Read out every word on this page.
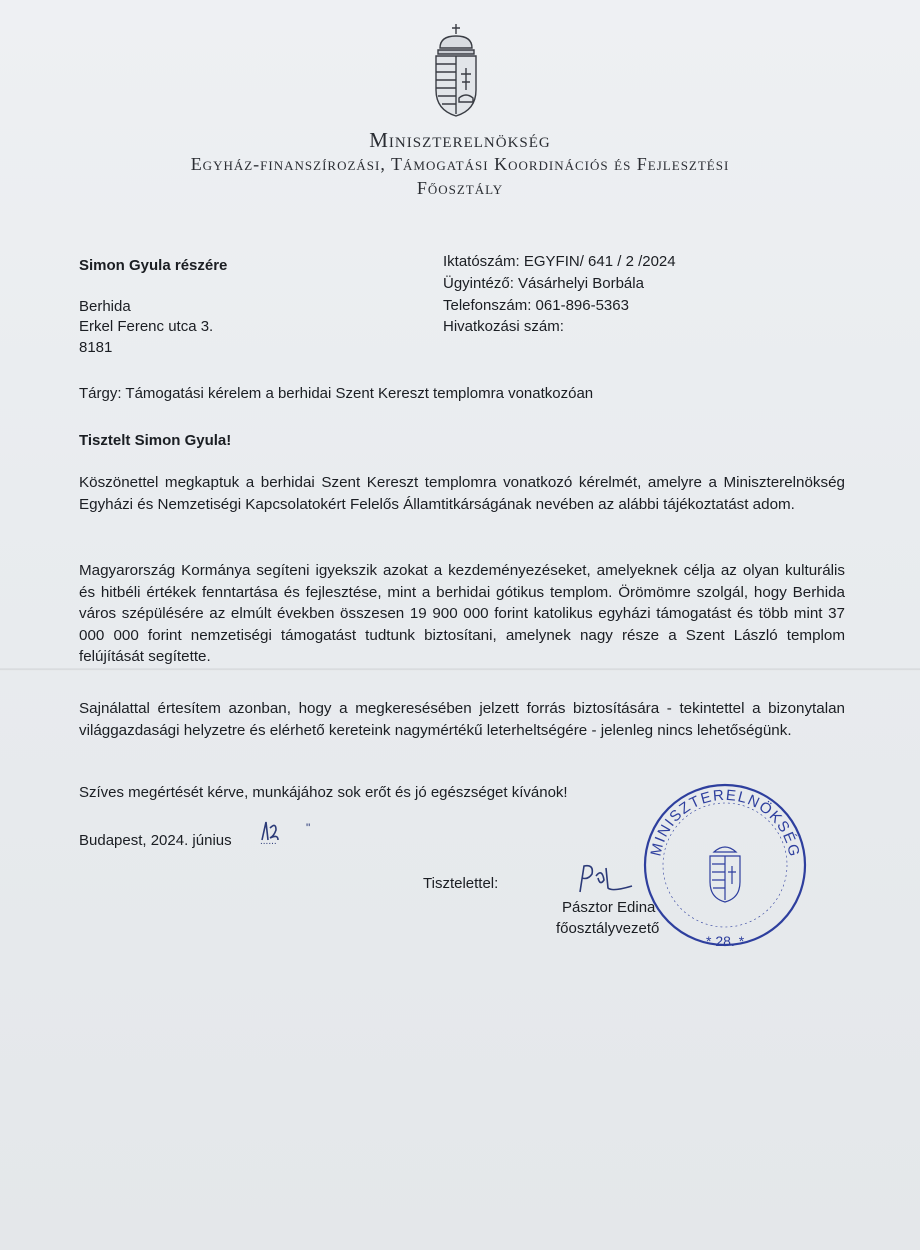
Miniszterelnökség
Egyház-finanszírozási, Támogatási Koordinációs és Fejlesztési
Főosztály
Simon Gyula részére
Berhida
Erkel Ferenc utca 3.
8181
Iktatószám: EGYFIN/ 641 / 2 /2024
Ügyintéző: Vásárhelyi Borbála
Telefonszám: 061-896-5363
Hivatkozási szám:
Tárgy: Támogatási kérelem a berhidai Szent Kereszt templomra vonatkozóan
Tisztelt Simon Gyula!
Köszönettel megkaptuk a berhidai Szent Kereszt templomra vonatkozó kérelmét, amelyre a Miniszterelnökség Egyházi és Nemzetiségi Kapcsolatokért Felelős Államtitkárságának nevében az alábbi tájékoztatást adom.
Magyarország Kormánya segíteni igyekszik azokat a kezdeményezéseket, amelyeknek célja az olyan kulturális és hitbéli értékek fenntartása és fejlesztése, mint a berhidai gótikus templom. Örömömre szolgál, hogy Berhida város szépülésére az elmúlt években összesen 19 900 000 forint katolikus egyházi támogatást és több mint 37 000 000 forint nemzetiségi támogatást tudtunk biztosítani, amelynek nagy része a Szent László templom felújítását segítette.
Sajnálattal értesítem azonban, hogy a megkeresésében jelzett forrás biztosítására - tekintettel a bizonytalan világgazdasági helyzetre és elérhető kereteink nagymértékű leterheltségére - jelenleg nincs lehetőségünk.
Szíves megértését kérve, munkájához sok erőt és jó egészséget kívánok!
Budapest, 2024. június	......
"
Tisztelettel:
Pásztor Edina
főosztályvezető
MINISZTERELNÖKSÉG
* 28. *
